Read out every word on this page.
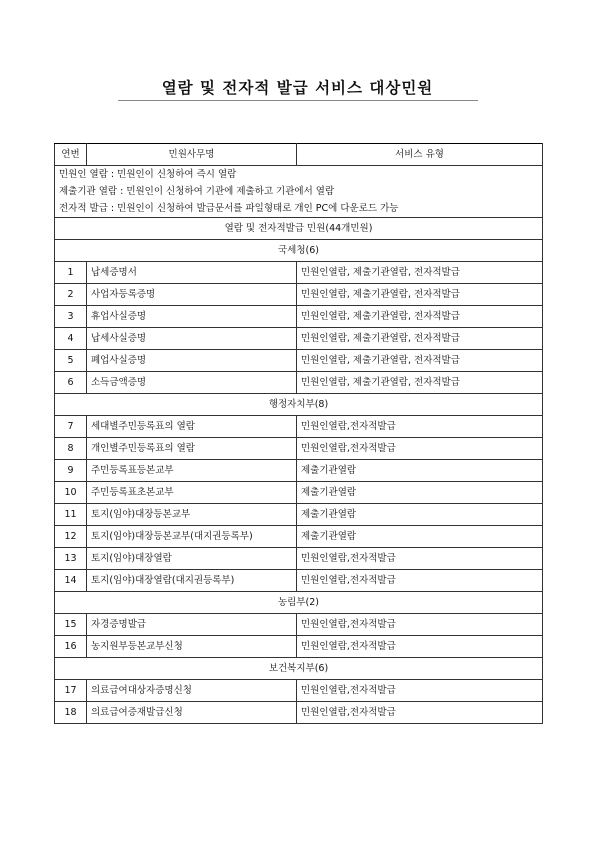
열람 및 전자적 발급 서비스 대상민원
연번	민원사무명	서비스 유형

민원인 열람 : 민원인이 신청하여 즉시 열람
제출기관 열람 : 민원인이 신청하여 기관에 제출하고 기관에서 열람
전자적 발급 : 민원인이 신청하여 발급문서를 파일형태로 개인 PC에 다운로드 가능		

열람 및 전자적발급 민원(44개민원)		
국세청(6)		
1	납세증명서	민원인열람, 제출기관열람, 전자적발급
2	사업자등록증명	민원인열람, 제출기관열람, 전자적발급
3	휴업사실증명	민원인열람, 제출기관열람, 전자적발급
4	납세사실증명	민원인열람, 제출기관열람, 전자적발급
5	폐업사실증명	민원인열람, 제출기관열람, 전자적발급
6	소득금액증명	민원인열람, 제출기관열람, 전자적발급
행정자치부(8)		
7	세대별주민등록표의 열람	민원인열람,전자적발급
8	개인별주민등록표의 열람	민원인열람,전자적발급
9	주민등록표등본교부	제출기관열람
10	주민등록표초본교부	제출기관열람
11	토지(임야)대장등본교부	제출기관열람
12	토지(임야)대장등본교부(대지권등록부)	제출기관열람
13	토지(임야)대장열람	민원인열람,전자적발급
14	토지(임야)대장열람(대지권등록부)	민원인열람,전자적발급
농림부(2)		
15	자경증명발급	민원인열람,전자적발급
16	농지원부등본교부신청	민원인열람,전자적발급
보건복지부(6)		
17	의료급여대상자증명신청	민원인열람,전자적발급
18	의료급여증재발급신청	민원인열람,전자적발급
